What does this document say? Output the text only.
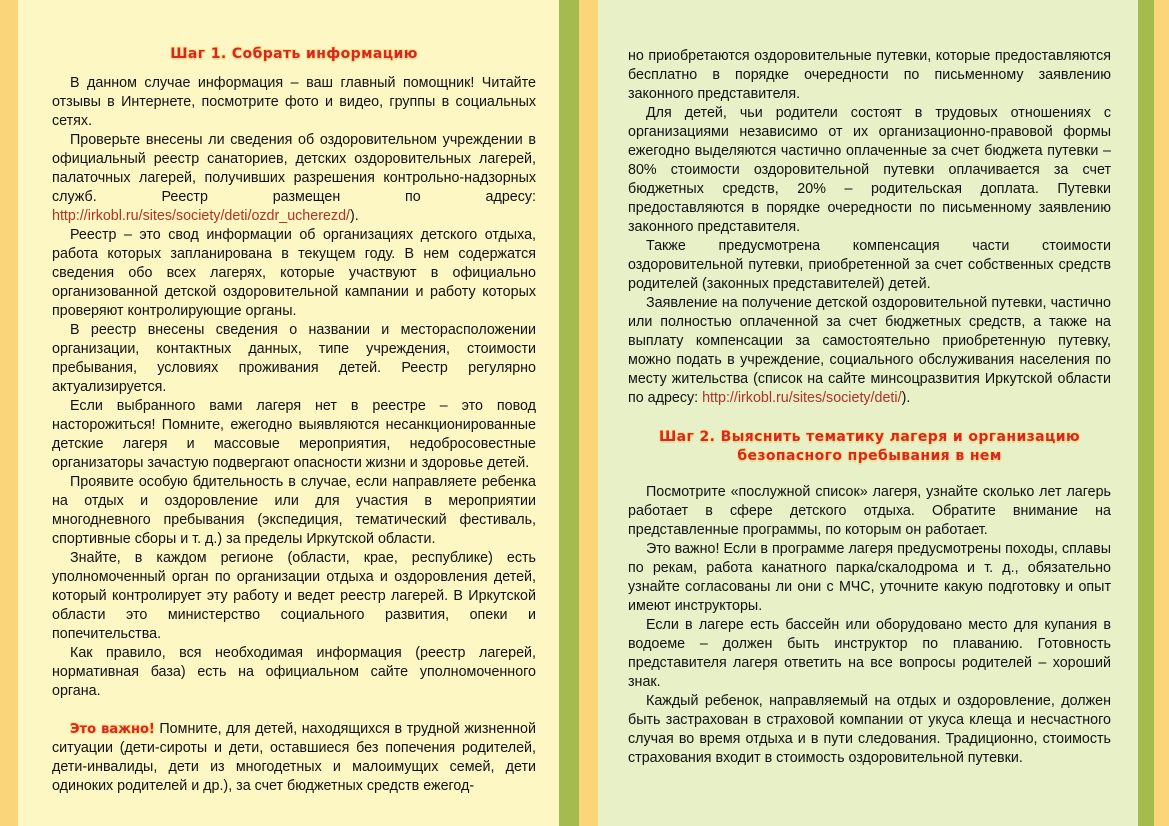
Шаг 1. Собрать информацию

В данном случае информация – ваш главный помощник! Читайте отзывы в Интернете, посмотрите фото и видео, группы в социальных сетях.

Проверьте внесены ли сведения об оздоровительном учреждении в официальный реестр санаториев, детских оздоровительных лагерей, палаточных лагерей, получивших разрешения контрольно-надзорных служб. Реестр размещен по адресу: http://irkobl.ru/sites/society/deti/ozdr_ucherezd/).

Реестр – это свод информации об организациях детского отдыха, работа которых запланирована в текущем году. В нем содержатся сведения обо всех лагерях, которые участвуют в официально организованной детской оздоровительной кампании и работу которых проверяют контролирующие органы.

В реестр внесены сведения о названии и месторасположении организации, контактных данных, типе учреждения, стоимости пребывания, условиях проживания детей. Реестр регулярно актуализируется.

Если выбранного вами лагеря нет в реестре – это повод насторожиться! Помните, ежегодно выявляются несанкционированные детские лагеря и массовые мероприятия, недобросовестные организаторы зачастую подвергают опасности жизни и здоровье детей.

Проявите особую бдительность в случае, если направляете ребенка на отдых и оздоровление или для участия в мероприятии многодневного пребывания (экспедиция, тематический фестиваль, спортивные сборы и т. д.) за пределы Иркутской области.

Знайте, в каждом регионе (области, крае, республике) есть уполномоченный орган по организации отдыха и оздоровления детей, который контролирует эту работу и ведет реестр лагерей. В Иркутской области это министерство социального развития, опеки и попечительства.

Как правило, вся необходимая информация (реестр лагерей, нормативная база) есть на официальном сайте уполномоченного органа.

Это важно! Помните, для детей, находящихся в трудной жизненной ситуации (дети-сироты и дети, оставшиеся без попечения родителей, дети-инвалиды, дети из многодетных и малоимущих семей, дети одиноких родителей и др.), за счет бюджетных средств ежегод-

но приобретаются оздоровительные путевки, которые предоставляются бесплатно в порядке очередности по письменному заявлению законного представителя.

Для детей, чьи родители состоят в трудовых отношениях с организациями независимо от их организационно-правовой формы ежегодно выделяются частично оплаченные за счет бюджета путевки – 80% стоимости оздоровительной путевки оплачивается за счет бюджетных средств, 20% – родительская доплата. Путевки предоставляются в порядке очередности по письменному заявлению законного представителя.

Также предусмотрена компенсация части стоимости оздоровительной путевки, приобретенной за счет собственных средств родителей (законных представителей) детей.

Заявление на получение детской оздоровительной путевки, частично или полностью оплаченной за счет бюджетных средств, а также на выплату компенсации за самостоятельно приобретенную путевку, можно подать в учреждение, социального обслуживания населения по месту жительства (список на сайте минсоцразвития Иркутской области по адресу: http://irkobl.ru/sites/society/deti/).

Шаг 2. Выяснить тематику лагеря и организацию
безопасного пребывания в нем

Посмотрите «послужной список» лагеря, узнайте сколько лет лагерь работает в сфере детского отдыха. Обратите внимание на представленные программы, по которым он работает.

Это важно! Если в программе лагеря предусмотрены походы, сплавы по рекам, работа канатного парка/скалодрома и т. д., обязательно узнайте согласованы ли они с МЧС, уточните какую подготовку и опыт имеют инструкторы.

Если в лагере есть бассейн или оборудовано место для купания в водоеме – должен быть инструктор по плаванию. Готовность представителя лагеря ответить на все вопросы родителей – хороший знак.

Каждый ребенок, направляемый на отдых и оздоровление, должен быть застрахован в страховой компании от укуса клеща и несчастного случая во время отдыха и в пути следования. Традиционно, стоимость страхования входит в стоимость оздоровительной путевки.
